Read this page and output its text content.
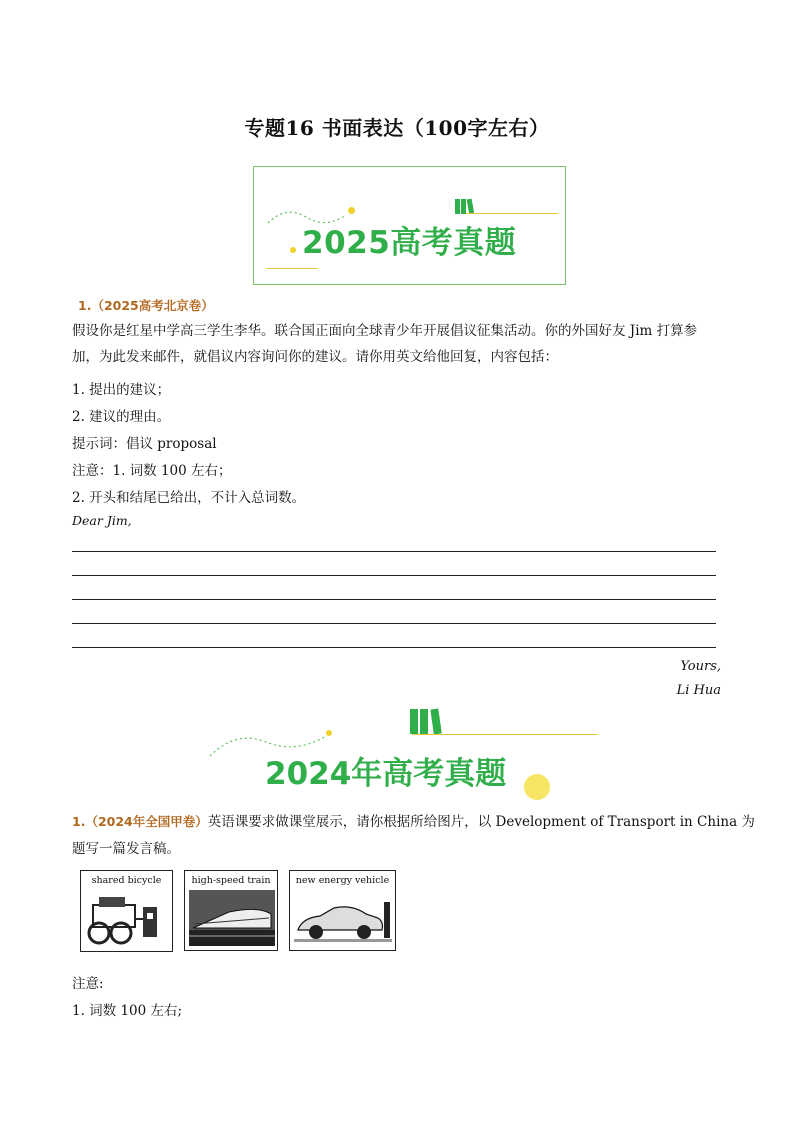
专题16 书面表达（100字左右）
2025高考真题
1.（2025高考北京卷）
假设你是红星中学高三学生李华。联合国正面向全球青少年开展倡议征集活动。你的外国好友 Jim 打算参加，为此发来邮件，就倡议内容询问你的建议。请你用英文给他回复，内容包括：
1. 提出的建议；
2. 建议的理由。
提示词：倡议 proposal
注意：1. 词数 100 左右；
2. 开头和结尾已给出，不计入总词数。
Dear Jim,
Yours,
Li Hua
2024年高考真题
1.（2024年全国甲卷）英语课要求做课堂展示，请你根据所给图片，以 Development of Transport in China 为
题写一篇发言稿。
shared bicycle	high-speed train	new energy vehicle
注意:
1. 词数 100 左右;
